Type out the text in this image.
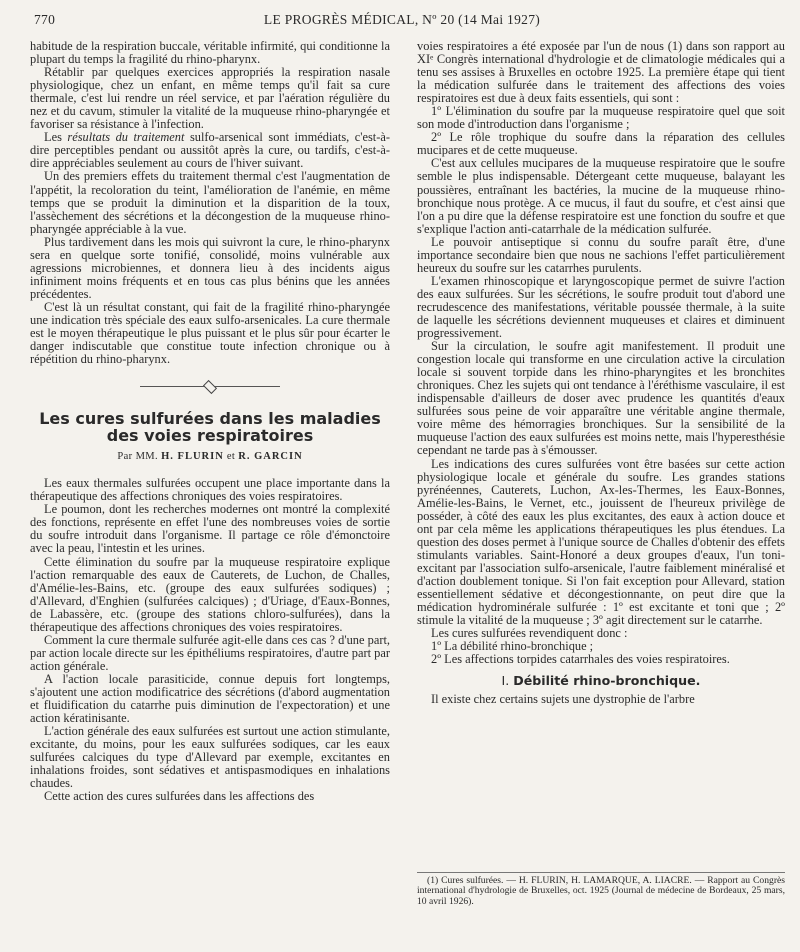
770	LE PROGRÈS MÉDICAL, Nº 20 (14 Mai 1927)

habitude de la respiration buccale, véritable infirmité, qui conditionne la plupart du temps la fragilité du rhino-pharynx.

Rétablir par quelques exercices appropriés la respiration nasale physiologique, chez un enfant, en même temps qu'il fait sa cure thermale, c'est lui rendre un réel service, et par l'aération régulière du nez et du cavum, stimuler la vitalité de la muqueuse rhino-pharyngée et favoriser sa résistance à l'infection.

Les résultats du traitement sulfo-arsenical sont immédiats, c'est-à-dire perceptibles pendant ou aussitôt après la cure, ou tardifs, c'est-à-dire appréciables seulement au cours de l'hiver suivant.

Un des premiers effets du traitement thermal c'est l'augmentation de l'appétit, la recoloration du teint, l'amélioration de l'anémie, en même temps que se produit la diminution et la disparition de la toux, l'assèchement des sécrétions et la décongestion de la muqueuse rhino-pharyngée appréciable à la vue.

Plus tardivement dans les mois qui suivront la cure, le rhino-pharynx sera en quelque sorte tonifié, consolidé, moins vulnérable aux agressions microbiennes, et donnera lieu à des incidents aigus infiniment moins fréquents et en tous cas plus bénins que les années précédentes.

C'est là un résultat constant, qui fait de la fragilité rhino-pharyngée une indication très spéciale des eaux sulfo-arsenicales. La cure thermale est le moyen thérapeutique le plus puissant et le plus sûr pour écarter le danger indiscutable que constitue toute infection chronique ou à répétition du rhino-pharynx.

Les cures sulfurées dans les maladies
des voies respiratoires
Par MM. H. FLURIN et R. GARCIN

Les eaux thermales sulfurées occupent une place importante dans la thérapeutique des affections chroniques des voies respiratoires.

Le poumon, dont les recherches modernes ont montré la complexité des fonctions, représente en effet l'une des nombreuses voies de sortie du soufre introduit dans l'organisme. Il partage ce rôle d'émonctoire avec la peau, l'intestin et les urines.

Cette élimination du soufre par la muqueuse respiratoire explique l'action remarquable des eaux de Cauterets, de Luchon, de Challes, d'Amélie-les-Bains, etc. (groupe des eaux sulfurées sodiques) ; d'Allevard, d'Enghien (sulfurées calciques) ; d'Uriage, d'Eaux-Bonnes, de Labassère, etc. (groupe des stations chloro-sulfurées), dans la thérapeutique des affections chroniques des voies respiratoires.

Comment la cure thermale sulfurée agit-elle dans ces cas ? d'une part, par action locale directe sur les épithéliums respiratoires, d'autre part par action générale.

A l'action locale parasiticide, connue depuis fort longtemps, s'ajoutent une action modificatrice des sécrétions (d'abord augmentation et fluidification du catarrhe puis diminution de l'expectoration) et une action kératinisante.

L'action générale des eaux sulfurées est surtout une action stimulante, excitante, du moins, pour les eaux sulfurées sodiques, car les eaux sulfurées calciques du type d'Allevard par exemple, excitantes en inhalations froides, sont sédatives et antispasmodiques en inhalations chaudes.

Cette action des cures sulfurées dans les affections des

voies respiratoires a été exposée par l'un de nous (1) dans son rapport au XIᵉ Congrès international d'hydrologie et de climatologie médicales qui a tenu ses assises à Bruxelles en octobre 1925. La première étape qui tient la médication sulfurée dans le traitement des affections des voies respiratoires est due à deux faits essentiels, qui sont :

1º L'élimination du soufre par la muqueuse respiratoire quel que soit son mode d'introduction dans l'organisme ;

2º Le rôle trophique du soufre dans la réparation des cellules mucipares et de cette muqueuse.

C'est aux cellules mucipares de la muqueuse respiratoire que le soufre semble le plus indispensable. Détergeant cette muqueuse, balayant les poussières, entraînant les bactéries, la mucine de la muqueuse rhino-bronchique nous protège. A ce mucus, il faut du soufre, et c'est ainsi que l'on a pu dire que la défense respiratoire est une fonction du soufre et que s'explique l'action anti-catarrhale de la médication sulfurée.

Le pouvoir antiseptique si connu du soufre paraît être, d'une importance secondaire bien que nous ne sachions l'effet particulièrement heureux du soufre sur les catarrhes purulents.

L'examen rhinoscopique et laryngoscopique permet de suivre l'action des eaux sulfurées. Sur les sécrétions, le soufre produit tout d'abord une recrudescence des manifestations, véritable poussée thermale, à la suite de laquelle les sécrétions deviennent muqueuses et claires et diminuent progressivement.

Sur la circulation, le soufre agit manifestement. Il produit une congestion locale qui transforme en une circulation active la circulation locale si souvent torpide dans les rhino-pharyngites et les bronchites chroniques. Chez les sujets qui ont tendance à l'éréthisme vasculaire, il est indispensable d'ailleurs de doser avec prudence les quantités d'eaux sulfurées sous peine de voir apparaître une véritable angine thermale, voire même des hémorragies bronchiques. Sur la sensibilité de la muqueuse l'action des eaux sulfurées est moins nette, mais l'hyperesthésie cependant ne tarde pas à s'émousser.

Les indications des cures sulfurées vont être basées sur cette action physiologique locale et générale du soufre. Les grandes stations pyrénéennes, Cauterets, Luchon, Ax-les-Thermes, les Eaux-Bonnes, Amélie-les-Bains, le Vernet, etc., jouissent de l'heureux privilège de posséder, à côté des eaux les plus excitantes, des eaux à action douce et ont par cela même les applications thérapeutiques les plus étendues. La question des doses permet à l'unique source de Challes d'obtenir des effets stimulants variables. Saint-Honoré a deux groupes d'eaux, l'un toni-excitant par l'association sulfo-arsenicale, l'autre faiblement minéralisé et d'action doublement tonique. Si l'on fait exception pour Allevard, station essentiellement sédative et décongestionnante, on peut dire que la médication hydrominérale sulfurée : 1º est excitante et toni que ; 2º stimule la vitalité de la muqueuse ; 3º agit directement sur le catarrhe.

Les cures sulfurées revendiquent donc :

1º La débilité rhino-bronchique ;

2º Les affections torpides catarrhales des voies respiratoires.

I. Débilité rhino-bronchique.

Il existe chez certains sujets une dystrophie de l'arbre

(1) Cures sulfurées. — H. FLURIN, H. LAMARQUE, A. LIACRE. — Rapport au Congrès international d'hydrologie de Bruxelles, oct. 1925 (Journal de médecine de Bordeaux, 25 mars, 10 avril 1926).
